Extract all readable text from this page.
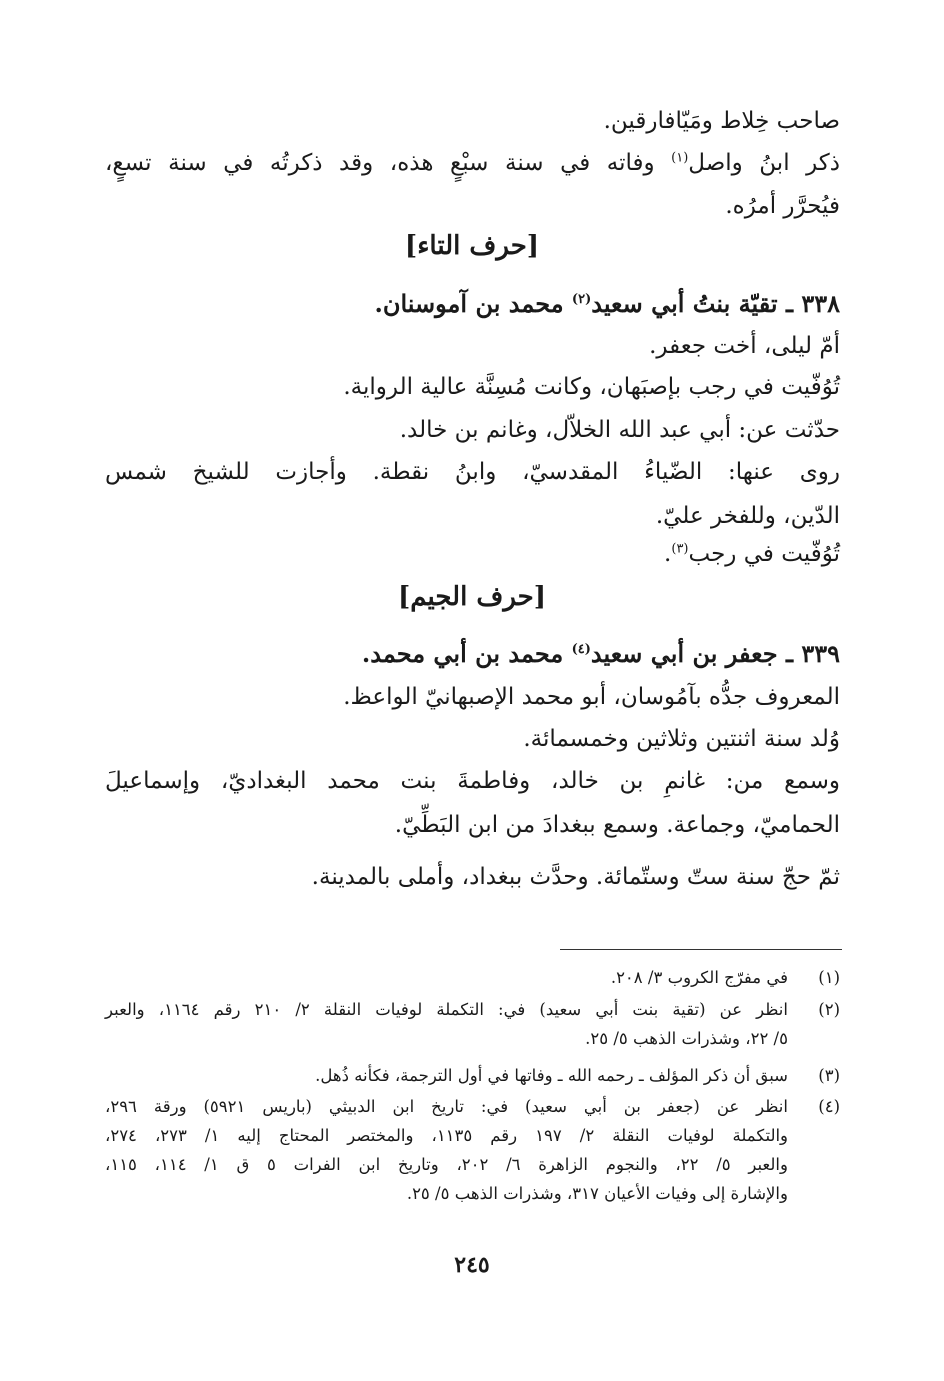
صاحب خِلاط ومَيّافارقين.
ذكر ابنُ واصل$^{(١)}$ وفاته في سنة سبْعٍ هذه، وقد ذكرتُه في سنة تسعٍ،
فيُحرَّر أمرُه.
[حرف التاء]
٣٣٨ ـ تقيّة بنتُ أبي سعيد$^{(٢)}$ محمد بن آموسنان.
أمّ ليلى، أخت جعفر.
تُوُفّيت في رجب بإصبَهان، وكانت مُسِنَّة عالية الرواية.
حدّثت عن: أبي عبد الله الخلاّل، وغانم بن خالد.
روى عنها: الضّياءُ المقدسيّ، وابنُ نقطة. وأجازت للشيخ شمس
الدّين، وللفخر عليّ.
تُوُفّيت في رجب$^{(٣)}$.
[حرف الجيم]
٣٣٩ ـ جعفر بن أبي سعيد$^{(٤)}$ محمد بن أبي محمد.
المعروف جدُّه بآمُوسان، أبو محمد الإصبهانيّ الواعظ.
وُلد سنة اثنتين وثلاثين وخمسمائة.
وسمع من: غانمِ بن خالد، وفاطمةَ بنت محمد البغداديّ، وإسماعيلَ
الحماميّ، وجماعة. وسمع ببغدادَ من ابن البَطِّيّ.
ثمّ حجّ سنة ستّ وستّمائة. وحدَّث ببغداد، وأملى بالمدينة.
(١)
في مفرّج الكروب ٣/ ٢٠٨.
(٢)
انظر عن (تقية بنت أبي سعيد) في: التكملة لوفيات النقلة ٢/ ٢١٠ رقم ١١٦٤، والعبر
٥/ ٢٢، وشذرات الذهب ٥/ ٢٥.
(٣)
سبق أن ذكر المؤلف ـ رحمه الله ـ وفاتها في أول الترجمة، فكأنه ذُهل.
(٤)
انظر عن (جعفر بن أبي سعيد) في: تاريخ ابن الدبيثي (باريس ٥٩٢١) ورقة ٢٩٦،
والتكملة لوفيات النقلة ٢/ ١٩٧ رقم ١١٣٥، والمختصر المحتاج إليه ١/ ٢٧٣، ٢٧٤،
والعبر ٥/ ٢٢، والنجوم الزاهرة ٦/ ٢٠٢، وتاريخ ابن الفرات ٥ ق ١/ ١١٤، ١١٥،
والإشارة إلى وفيات الأعيان ٣١٧، وشذرات الذهب ٥/ ٢٥.
٢٤٥
